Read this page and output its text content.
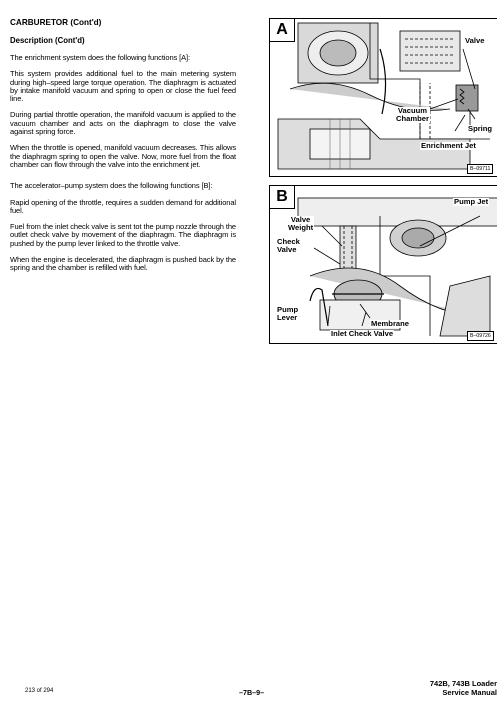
CARBURETOR (Cont'd)
Description (Cont'd)
The enrichment system does the following functions [A]:
This system provides additional fuel to the main metering system during high–speed large torque operation. The diaphragm is actuated by intake manifold vacuum and spring to open or close the fuel feed line.
During partial throttle operation, the manifold vacuum is applied to the vacuum chamber and acts on the diaphragm to close the valve against spring force.
When the throttle is opened, manifold vacuum decreases. This allows the diaphragm spring to open the valve. Now, more fuel from the float chamber can flow through the valve into the enrichment jet.
The accelerator–pump system does the following functions [B]:
Rapid opening of the throttle, requires a sudden demand for additional fuel.
Fuel from the inlet check valve is sent tot the pump nozzle through the outlet check valve by movement of the diaphragm. The diaphragm is pushed by the pump lever linked to the throttle valve.
When the engine is decelerated, the diaphragm is pushed back by the spring and the chamber is refilled with fuel.
A
Valve
Vacuum
Chamber
Spring
Enrichment Jet
B–09711
B	Pump Jet
Valve
Weight
Check
Valve
Pump
Lever
Membrane
Inlet Check Valve	B–09726
213 of 294	–7B–9–
742B, 743B Loader
Service Manual
